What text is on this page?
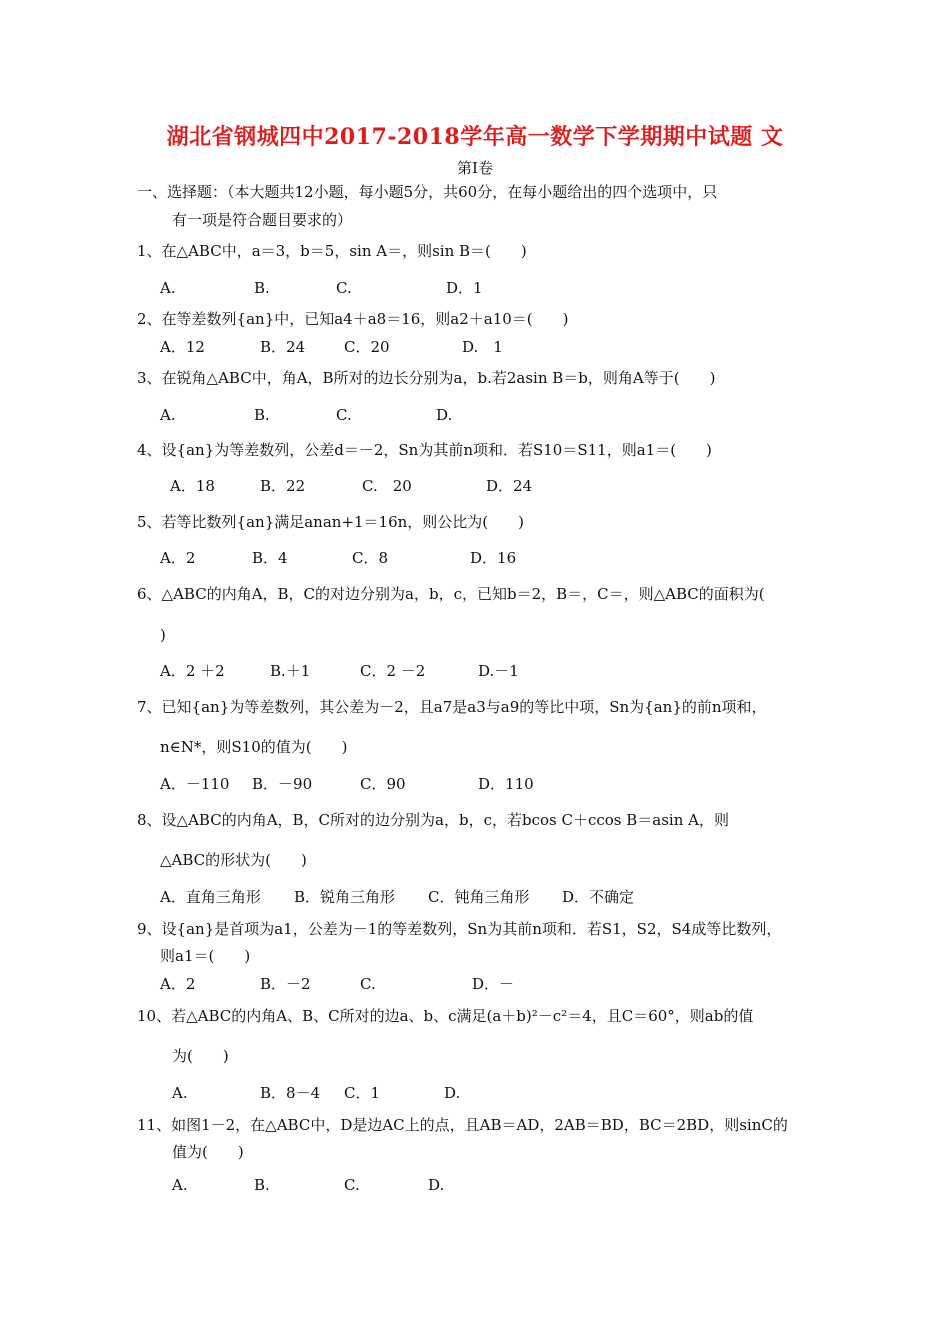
湖北省钢城四中2017-2018学年高一数学下学期期中试题 文
第Ⅰ卷
一、选择题：（本大题共12小题，每小题5分，共60分，在每小题给出的四个选项中，只
有一项是符合题目要求的）
1、在△ABC中，a＝3，b＝5，sin A＝，则sin B＝(　　)
A.	B.	C.	D．1
2、在等差数列{an}中，已知a4＋a8＝16，则a2＋a10＝(　　)
A．12	B．24	C．20	D.　1
3、在锐角△ABC中，角A，B所对的边长分别为a，b.若2asin B＝b，则角A等于(　　)
A.	B.	C.	D.
4、设{an}为等差数列，公差d＝－2，Sn为其前n项和．若S10＝S11，则a1＝(　　)
A．18	B．22	C.　20	D．24
5、若等比数列{an}满足anan+1＝16n，则公比为(　　)
A．2	B．4	C．8	D．16
6、△ABC的内角A，B，C的对边分别为a，b，c，已知b＝2，B＝，C＝，则△ABC的面积为(
)
A．2 ＋2	B.＋1	C．2 －2	D.－1
7、已知{an}为等差数列，其公差为－2，且a7是a3与a9的等比中项，Sn为{an}的前n项和，
n∈N*，则S10的值为(　　)
A．－110 B．－90	C．90	D．110
8、设△ABC的内角A，B，C所对的边分别为a，b，c，若bcos C＋ccos B＝asin A，则
△ABC的形状为(　　)
A．直角三角形 B．锐角三角形 C．钝角三角形 D．不确定
9、设{an}是首项为a1，公差为－1的等差数列，Sn为其前n项和．若S1，S2，S4成等比数列，
则a1＝(　　)
A．2	B．－2	C.	D．－
10、若△ABC的内角A、B、C所对的边a、b、c满足(a＋b)²－c²＝4，且C＝60°，则ab的值
为(　　)
A.	B．8－4 C．1	D.
11、如图1－2，在△ABC中，D是边AC上的点，且AB＝AD，2AB＝BD，BC＝2BD，则sinC的
值为(　　)
A.	B.	C.	D.
